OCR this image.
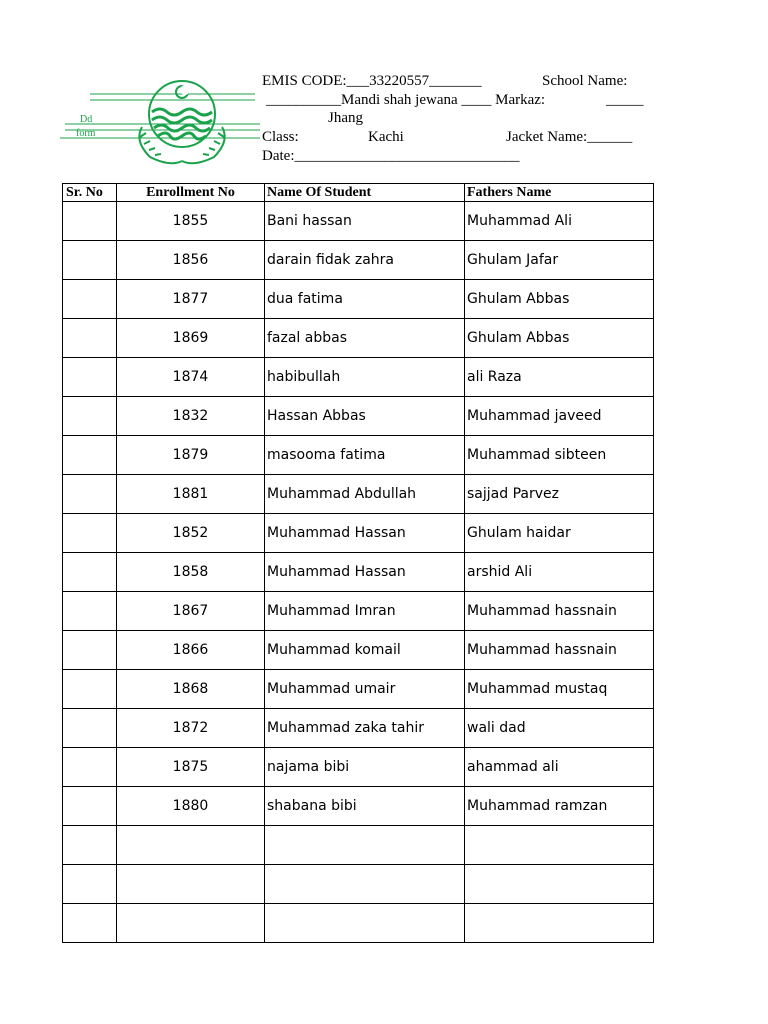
Dd
form
EMIS CODE:___33220557_______	School Name:
__________Mandi shah jewana ____ Markaz:	_____
Jhang
Class:	Kachi	Jacket Name:______
Date:______________________________
Sr. No	Enrollment No	Name Of Student	Fathers Name
	1855	Bani hassan	Muhammad Ali
	1856	darain fidak zahra	Ghulam Jafar
	1877	dua fatima	Ghulam Abbas
	1869	fazal abbas	Ghulam Abbas
	1874	habibullah	ali Raza
	1832	Hassan Abbas	Muhammad javeed
	1879	masooma fatima	Muhammad sibteen
	1881	Muhammad Abdullah	sajjad Parvez
	1852	Muhammad Hassan	Ghulam haidar
	1858	Muhammad Hassan	arshid Ali
	1867	Muhammad Imran	Muhammad hassnain
	1866	Muhammad komail	Muhammad hassnain
	1868	Muhammad umair	Muhammad mustaq
	1872	Muhammad zaka tahir	wali dad
	1875	najama bibi	ahammad ali
	1880	shabana bibi	Muhammad ramzan
